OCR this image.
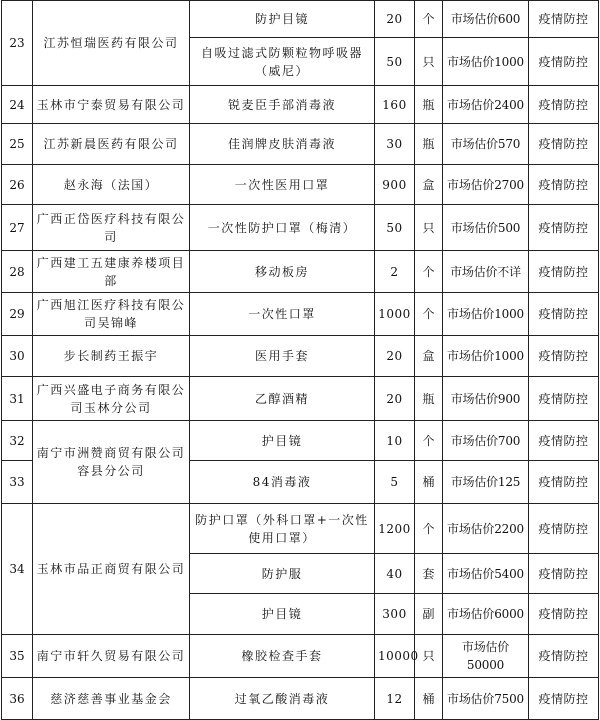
23	江苏恒瑞医药有限公司	防护目镜	20	个	市场估价600	疫情防控
		自吸过滤式防颗粒物呼吸器（威尼）	50	只	市场估价1000	疫情防控
24	玉林市宁泰贸易有限公司	锐麦臣手部消毒液	160	瓶	市场估价2400	疫情防控
25	江苏新晨医药有限公司	佳润牌皮肤消毒液	30	瓶	市场估价570	疫情防控
26	赵永海（法国）	一次性医用口罩	900	盒	市场估价2700	疫情防控
27	广西正岱医疗科技有限公司	一次性防护口罩（梅清）	50	只	市场估价500	疫情防控
28	广西建工五建康养楼项目部	移动板房	2	个	市场估价不详	疫情防控
29	广西旭江医疗科技有限公司吴锦峰	一次性口罩	1000	个	市场估价1000	疫情防控
30	步长制药王振宇	医用手套	20	盒	市场估价1000	疫情防控
31	广西兴盛电子商务有限公司玉林分公司	乙醇酒精	20	瓶	市场估价900	疫情防控
32	南宁市洲赞商贸有限公司容县分公司	护目镜	10	个	市场估价700	疫情防控
33		84消毒液	5	桶	市场估价125	疫情防控
34	玉林市品正商贸有限公司	防护口罩（外科口罩+一次性使用口罩）	1200	个	市场估价2200	疫情防控
		防护服	40	套	市场估价5400	疫情防控
		护目镜	300	副	市场估价6000	疫情防控
35	南宁市轩久贸易有限公司	橡胶检查手套	10000	只	市场估价50000	疫情防控
36	慈济慈善事业基金会	过氧乙酸消毒液	12	桶	市场估价7500	疫情防控
